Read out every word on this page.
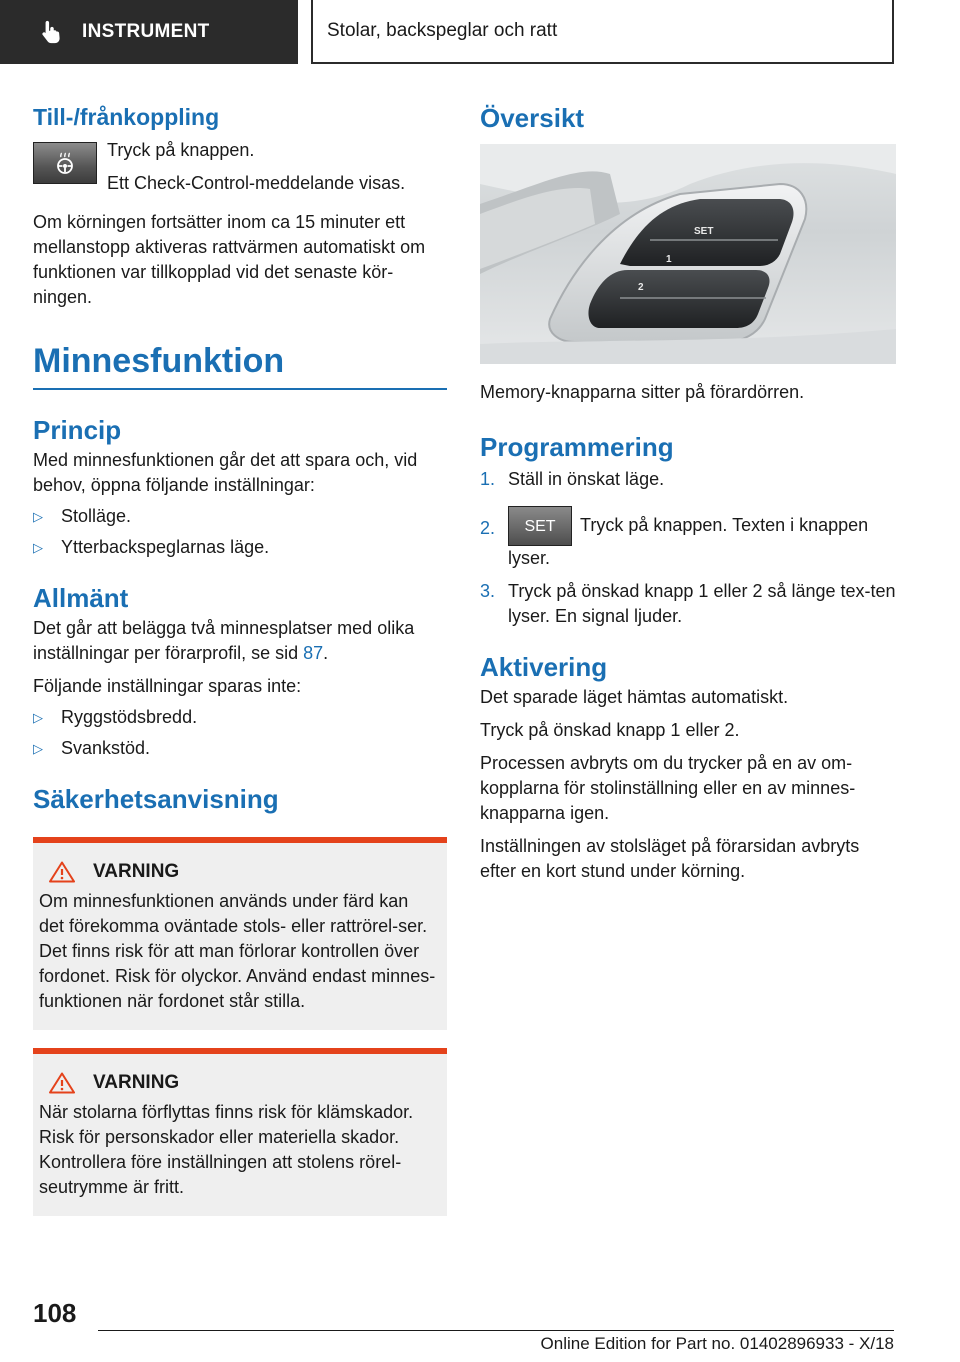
INSTRUMENT	Stolar, backspeglar och ratt
Till-/frånkoppling

Tryck på knappen.

Ett Check-Control-meddelande visas.

Om körningen fortsätter inom ca 15 minuter ett mellanstopp aktiveras rattvärmen automatiskt om funktionen var tillkopplad vid det senaste kör-ningen.

Minnesfunktion
Princip

Med minnesfunktionen går det att spara och, vid behov, öppna följande inställningar:

▷	Stolläge.
▷	Ytterbackspeglarnas läge.
Allmänt

Det går att belägga två minnesplatser med olika inställningar per förarprofil, se sid 87.

Följande inställningar sparas inte:

▷	Ryggstödsbredd.
▷	Svankstöd.
Säkerhetsanvisning
VARNING

Om minnesfunktionen används under färd kan det förekomma oväntade stols- eller rattrörel-ser. Det finns risk för att man förlorar kontrollen över fordonet. Risk för olyckor. Använd endast minnes-funktionen när fordonet står stilla.

VARNING

När stolarna förflyttas finns risk för klämskador. Risk för personskador eller materiella skador. Kontrollera före inställningen att stolens rörel-seutrymme är fritt.

Översikt
SET
1
2

Memory-knapparna sitter på förardörren.

Programmering
1. Ställ in önskat läge.
2.	SET Tryck på knappen. Texten i knappen lyser.
3. Tryck på önskad knapp 1 eller 2 så länge tex-ten lyser. En signal ljuder.
Aktivering

Det sparade läget hämtas automatiskt.

Tryck på önskad knapp 1 eller 2.

Processen avbryts om du trycker på en av om-kopplarna för stolinställning eller en av minnes-knapparna igen.

Inställningen av stolsläget på förarsidan avbryts efter en kort stund under körning.

108
Online Edition for Part no. 01402896933 - X/18
